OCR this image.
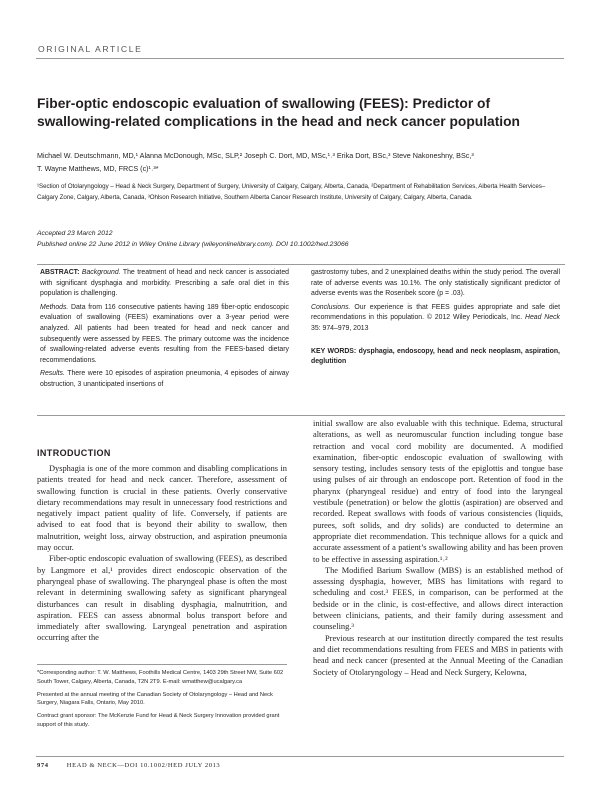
ORIGINAL ARTICLE
Fiber-optic endoscopic evaluation of swallowing (FEES): Predictor of swallowing-related complications in the head and neck cancer population
Michael W. Deutschmann, MD,¹ Alanna McDonough, MSc, SLP,² Joseph C. Dort, MD, MSc,¹˒³ Erika Dort, BSc,³ Steve Nakoneshny, BSc,³
T. Wayne Matthews, MD, FRCS (c)¹˒³*
¹Section of Otolaryngology – Head & Neck Surgery, Department of Surgery, University of Calgary, Calgary, Alberta, Canada, ²Department of Rehabilitation Services, Alberta Health Services–Calgary Zone, Calgary, Alberta, Canada, ³Ohlson Research Initiative, Southern Alberta Cancer Research Institute, University of Calgary, Calgary, Alberta, Canada.
Accepted 23 March 2012
Published online 22 June 2012 in Wiley Online Library (wileyonlinelibrary.com). DOI 10.1002/hed.23066

ABSTRACT: Background. The treatment of head and neck cancer is associated with significant dysphagia and morbidity. Prescribing a safe oral diet in this population is challenging.

Methods. Data from 116 consecutive patients having 189 fiber-optic endoscopic evaluation of swallowing (FEES) examinations over a 3-year period were analyzed. All patients had been treated for head and neck cancer and subsequently were assessed by FEES. The primary outcome was the incidence of swallowing-related adverse events resulting from the FEES-based dietary recommendations.

Results. There were 10 episodes of aspiration pneumonia, 4 episodes of airway obstruction, 3 unanticipated insertions of

gastrostomy tubes, and 2 unexplained deaths within the study period. The overall rate of adverse events was 10.1%. The only statistically significant predictor of adverse events was the Rosenbek score (p = .03).

Conclusions. Our experience is that FEES guides appropriate and safe diet recommendations in this population. © 2012 Wiley Periodicals, Inc. Head Neck 35: 974–979, 2013

KEY WORDS: dysphagia, endoscopy, head and neck neoplasm, aspiration, deglutition

INTRODUCTION

Dysphagia is one of the more common and disabling complications in patients treated for head and neck cancer. Therefore, assessment of swallowing function is crucial in these patients. Overly conservative dietary recommendations may result in unnecessary food restrictions and negatively impact patient quality of life. Conversely, if patients are advised to eat food that is beyond their ability to swallow, then malnutrition, weight loss, airway obstruction, and aspiration pneumonia may occur.

Fiber-optic endoscopic evaluation of swallowing (FEES), as described by Langmore et al,¹ provides direct endoscopic observation of the pharyngeal phase of swallowing. The pharyngeal phase is often the most relevant in determining swallowing safety as significant pharyngeal disturbances can result in disabling dysphagia, malnutrition, and aspiration. FEES can assess abnormal bolus transport before and immediately after swallowing. Laryngeal penetration and aspiration occurring after the

initial swallow are also evaluable with this technique. Edema, structural alterations, as well as neuromuscular function including tongue base retraction and vocal cord mobility are documented. A modified examination, fiber-optic endoscopic evaluation of swallowing with sensory testing, includes sensory tests of the epiglottis and tongue base using pulses of air through an endoscope port. Retention of food in the pharynx (pharyngeal residue) and entry of food into the laryngeal vestibule (penetration) or below the glottis (aspiration) are observed and recorded. Repeat swallows with foods of various consistencies (liquids, purees, soft solids, and dry solids) are conducted to determine an appropriate diet recommendation. This technique allows for a quick and accurate assessment of a patient’s swallowing ability and has been proven to be effective in assessing aspiration.¹˒²

The Modified Barium Swallow (MBS) is an established method of assessing dysphagia, however, MBS has limitations with regard to scheduling and cost.³ FEES, in comparison, can be performed at the bedside or in the clinic, is cost-effective, and allows direct interaction between clinicians, patients, and their family during assessment and counseling.³

Previous research at our institution directly compared the test results and diet recommendations resulting from FEES and MBS in patients with head and neck cancer (presented at the Annual Meeting of the Canadian Society of Otolaryngology – Head and Neck Surgery, Kelowna,

*Corresponding author: T. W. Matthews, Foothills Medical Centre, 1403 29th Street NW, Suite 602 South Tower, Calgary, Alberta, Canada, T2N 2T9. E-mail: wmatthew@ucalgary.ca

Presented at the annual meeting of the Canadian Society of Otolaryngology – Head and Neck Surgery, Niagara Falls, Ontario, May 2010.

Contract grant sponsor: The McKenzie Fund for Head & Neck Surgery Innovation provided grant support of this study.

974	HEAD & NECK—DOI 10.1002/HED JULY 2013
